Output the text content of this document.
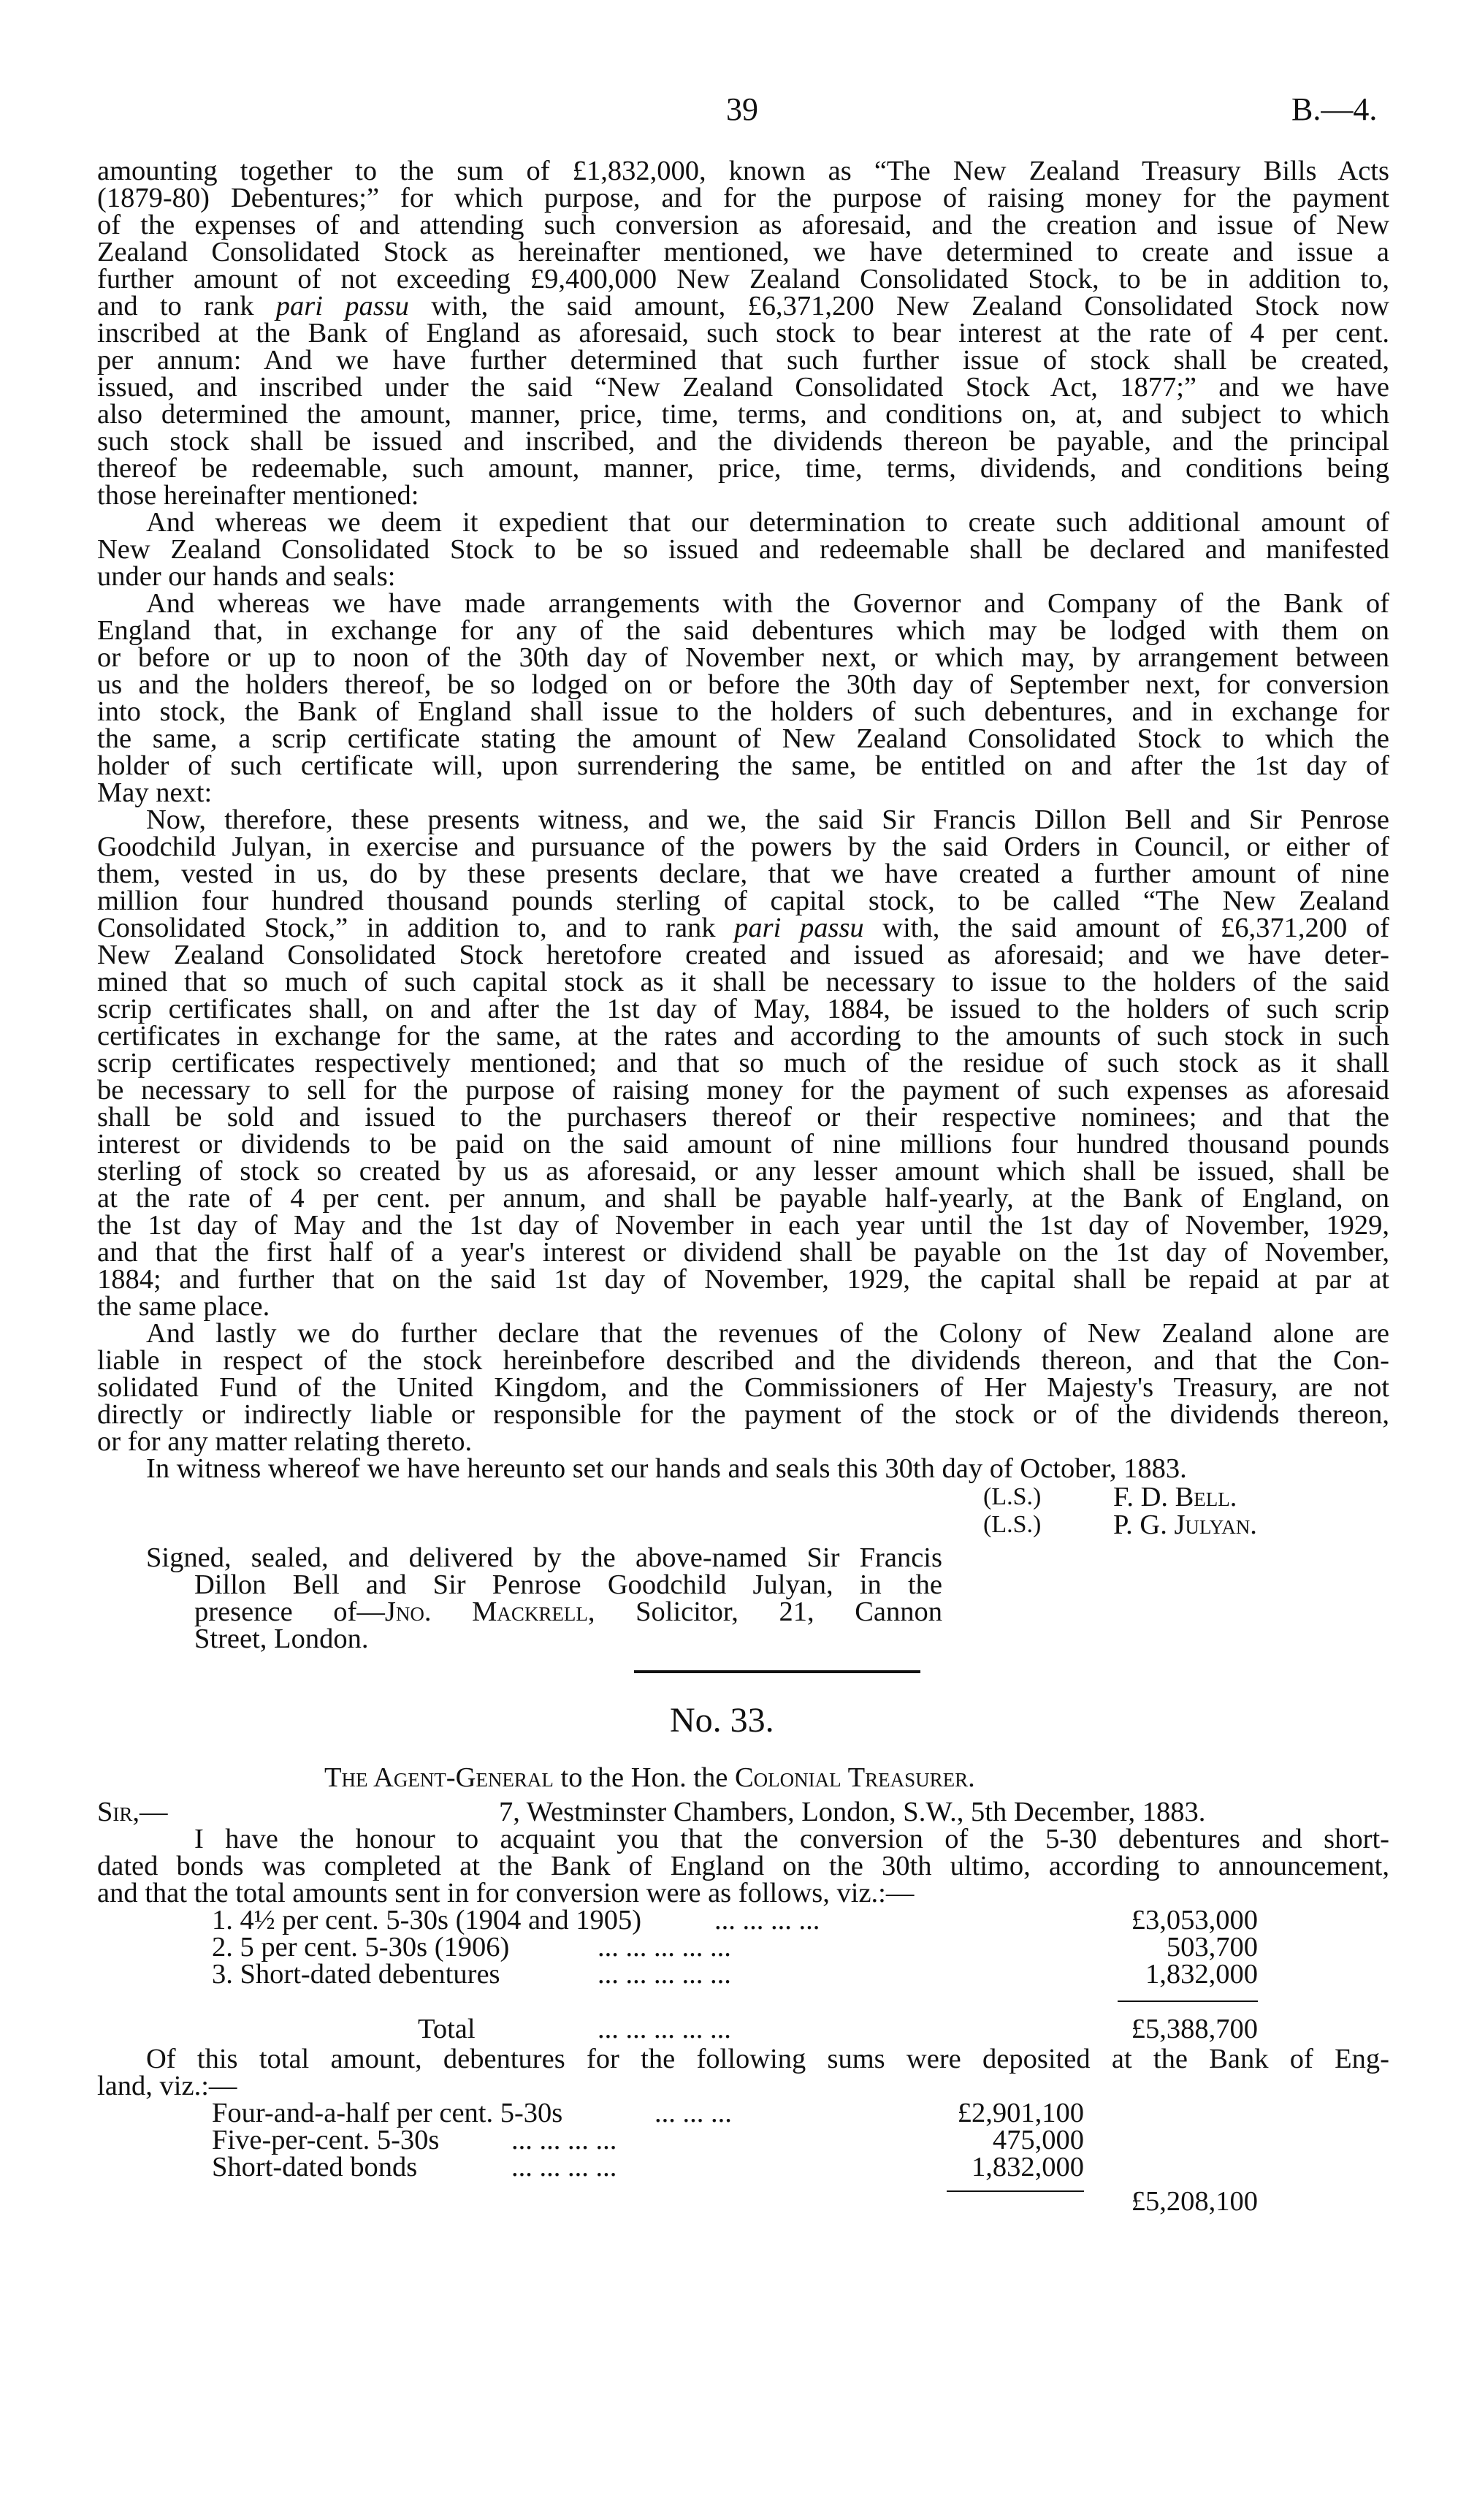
39	B.—4.
amounting together to the sum of £1,832,000, known as “The New Zealand Treasury Bills Acts
(1879-80) Debentures;” for which purpose, and for the purpose of raising money for the payment
of the expenses of and attending such conversion as aforesaid, and the creation and issue of New
Zealand Consolidated Stock as hereinafter mentioned, we have determined to create and issue a
further amount of not exceeding £9,400,000 New Zealand Consolidated Stock, to be in addition to,
and to rank pari passu with, the said amount, £6,371,200 New Zealand Consolidated Stock now
inscribed at the Bank of England as aforesaid, such stock to bear interest at the rate of 4 per cent.
per annum: And we have further determined that such further issue of stock shall be created,
issued, and inscribed under the said “New Zealand Consolidated Stock Act, 1877;” and we have
also determined the amount, manner, price, time, terms, and conditions on, at, and subject to which
such stock shall be issued and inscribed, and the dividends thereon be payable, and the principal
thereof be redeemable, such amount, manner, price, time, terms, dividends, and conditions being
those hereinafter mentioned:
And whereas we deem it expedient that our determination to create such additional amount of
New Zealand Consolidated Stock to be so issued and redeemable shall be declared and manifested
under our hands and seals:
And whereas we have made arrangements with the Governor and Company of the Bank of
England that, in exchange for any of the said debentures which may be lodged with them on
or before or up to noon of the 30th day of November next, or which may, by arrangement between
us and the holders thereof, be so lodged on or before the 30th day of September next, for conversion
into stock, the Bank of England shall issue to the holders of such debentures, and in exchange for
the same, a scrip certificate stating the amount of New Zealand Consolidated Stock to which the
holder of such certificate will, upon surrendering the same, be entitled on and after the 1st day of
May next:
Now, therefore, these presents witness, and we, the said Sir Francis Dillon Bell and Sir Penrose
Goodchild Julyan, in exercise and pursuance of the powers by the said Orders in Council, or either of
them, vested in us, do by these presents declare, that we have created a further amount of nine
million four hundred thousand pounds sterling of capital stock, to be called “The New Zealand
Consolidated Stock,” in addition to, and to rank pari passu with, the said amount of £6,371,200 of
New Zealand Consolidated Stock heretofore created and issued as aforesaid; and we have deter-
mined that so much of such capital stock as it shall be necessary to issue to the holders of the said
scrip certificates shall, on and after the 1st day of May, 1884, be issued to the holders of such scrip
certificates in exchange for the same, at the rates and according to the amounts of such stock in such
scrip certificates respectively mentioned; and that so much of the residue of such stock as it shall
be necessary to sell for the purpose of raising money for the payment of such expenses as aforesaid
shall be sold and issued to the purchasers thereof or their respective nominees; and that the
interest or dividends to be paid on the said amount of nine millions four hundred thousand pounds
sterling of stock so created by us as aforesaid, or any lesser amount which shall be issued, shall be
at the rate of 4 per cent. per annum, and shall be payable half-yearly, at the Bank of England, on
the 1st day of May and the 1st day of November in each year until the 1st day of November, 1929,
and that the first half of a year's interest or dividend shall be payable on the 1st day of November,
1884; and further that on the said 1st day of November, 1929, the capital shall be repaid at par at
the same place.
And lastly we do further declare that the revenues of the Colony of New Zealand alone are
liable in respect of the stock hereinbefore described and the dividends thereon, and that the Con-
solidated Fund of the United Kingdom, and the Commissioners of Her Majesty's Treasury, are not
directly or indirectly liable or responsible for the payment of the stock or of the dividends thereon,
or for any matter relating thereto.
In witness whereof we have hereunto set our hands and seals this 30th day of October, 1883.
(L.S.)	F. D. Bell.
(L.S.)	P. G. Julyan.
Signed, sealed, and delivered by the above-named Sir Francis
Dillon Bell and Sir Penrose Goodchild Julyan, in the
presence of—Jno. Mackrell, Solicitor, 21, Cannon
Street, London.
No. 33.
The Agent-General to the Hon. the Colonial Treasurer.
Sir,—	7, Westminster Chambers, London, S.W., 5th December, 1883.
I have the honour to acquaint you that the conversion of the 5-30 debentures and short-
dated bonds was completed at the Bank of England on the 30th ultimo, according to announcement,
and that the total amounts sent in for conversion were as follows, viz.:—
1. 4½ per cent. 5-30s (1904 and 1905)	... ... ... ...	£3,053,000
2. 5 per cent. 5-30s (1906)	... ... ... ... ...	503,700
3. Short-dated debentures	... ... ... ... ...	1,832,000
Total	... ... ... ... ...	£5,388,700
Of this total amount, debentures for the following sums were deposited at the Bank of Eng-
land, viz.:—
Four-and-a-half per cent. 5-30s	... ... ...	£2,901,100
Five-per-cent. 5-30s	... ... ... ...	475,000
Short-dated bonds	... ... ... ...	1,832,000
£5,208,100
